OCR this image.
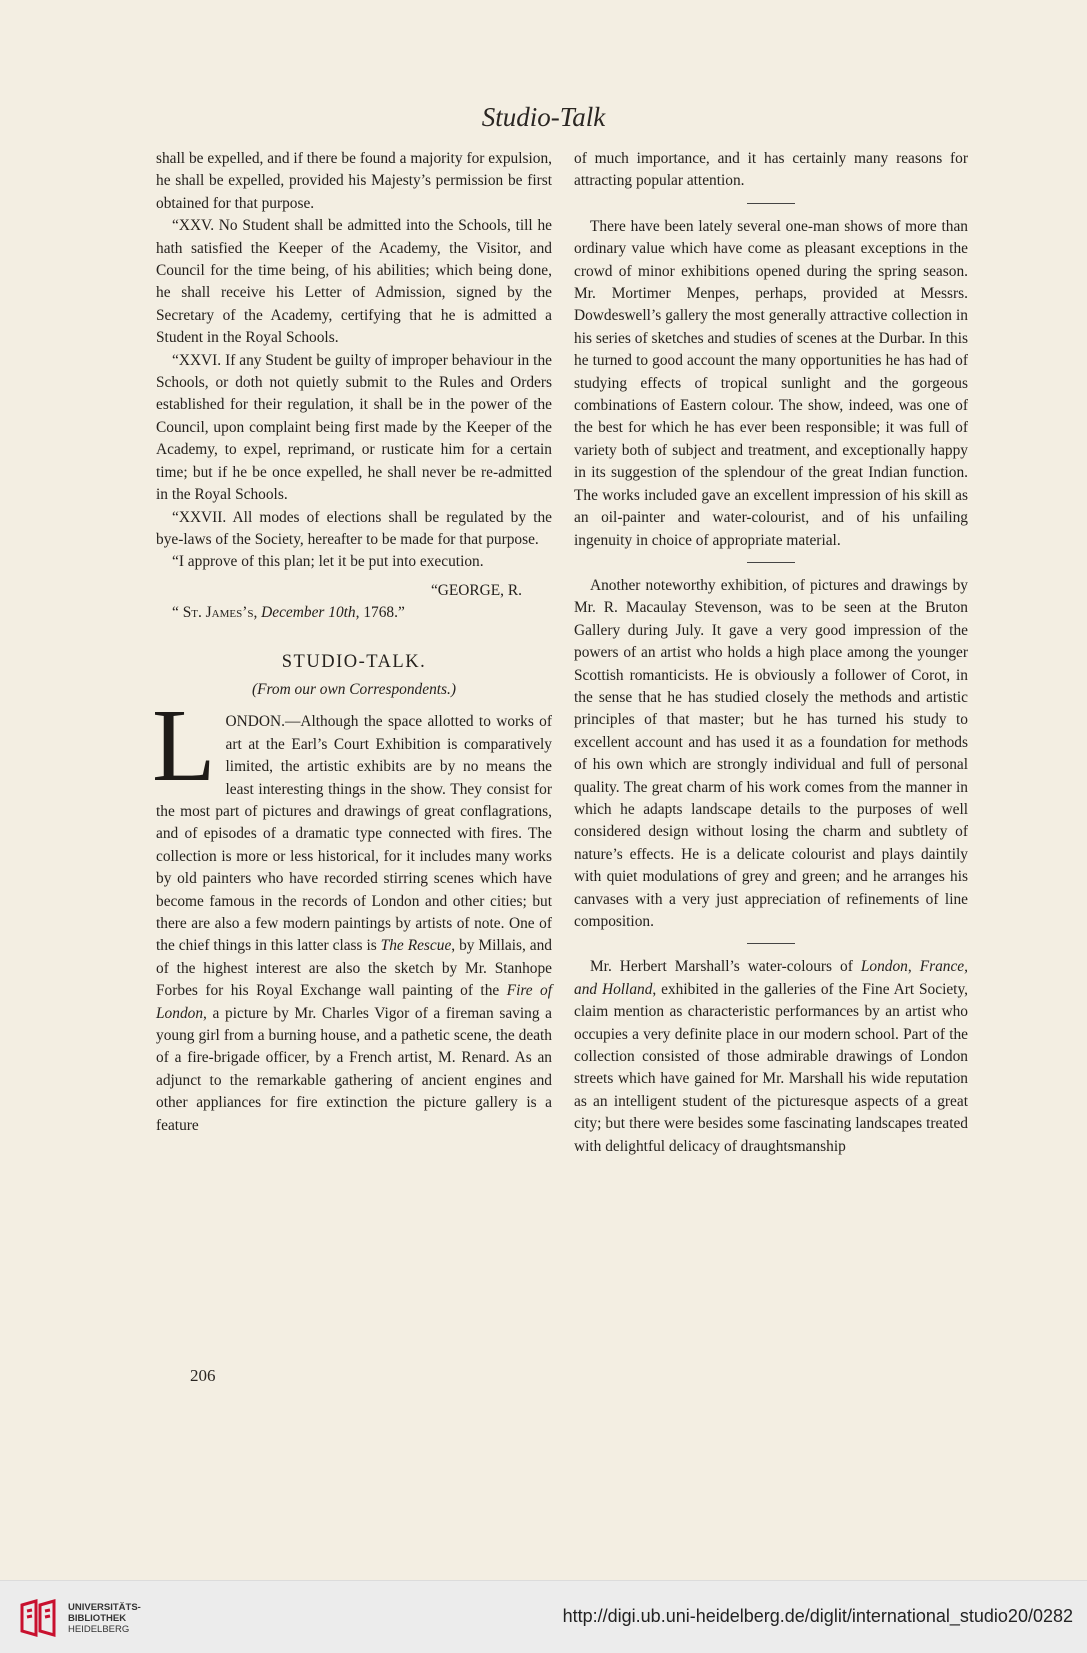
Studio-Talk

shall be expelled, and if there be found a majority for expulsion, he shall be expelled, provided his Majesty’s permission be first obtained for that purpose.

“XXV. No Student shall be admitted into the Schools, till he hath satisfied the Keeper of the Academy, the Visitor, and Council for the time being, of his abilities; which being done, he shall receive his Letter of Admission, signed by the Secretary of the Academy, certifying that he is admitted a Student in the Royal Schools.

“XXVI. If any Student be guilty of improper behaviour in the Schools, or doth not quietly submit to the Rules and Orders established for their regulation, it shall be in the power of the Council, upon complaint being first made by the Keeper of the Academy, to expel, reprimand, or rusticate him for a certain time; but if he be once expelled, he shall never be re-admitted in the Royal Schools.

“XXVII. All modes of elections shall be regulated by the bye-laws of the Society, hereafter to be made for that purpose.

“I approve of this plan; let it be put into execution.

“GEORGE, R.

“ St. James’s, December 10th, 1768.”

STUDIO-TALK.

(From our own Correspondents.)

LONDON.—Although the space allotted to works of art at the Earl’s Court Exhibition is comparatively limited, the artistic exhibits are by no means the least interesting things in the show. They consist for the most part of pictures and drawings of great conflagrations, and of episodes of a dramatic type connected with fires. The collection is more or less historical, for it includes many works by old painters who have recorded stirring scenes which have become famous in the records of London and other cities; but there are also a few modern paintings by artists of note. One of the chief things in this latter class is The Rescue, by Millais, and of the highest interest are also the sketch by Mr. Stanhope Forbes for his Royal Exchange wall painting of the Fire of London, a picture by Mr. Charles Vigor of a fireman saving a young girl from a burning house, and a pathetic scene, the death of a fire-brigade officer, by a French artist, M. Renard. As an adjunct to the remarkable gathering of ancient engines and other appliances for fire extinction the picture gallery is a feature

of much importance, and it has certainly many reasons for attracting popular attention.

There have been lately several one-man shows of more than ordinary value which have come as pleasant exceptions in the crowd of minor exhibitions opened during the spring season. Mr. Mortimer Menpes, perhaps, provided at Messrs. Dowdeswell’s gallery the most generally attractive collection in his series of sketches and studies of scenes at the Durbar. In this he turned to good account the many opportunities he has had of studying effects of tropical sunlight and the gorgeous combinations of Eastern colour. The show, indeed, was one of the best for which he has ever been responsible; it was full of variety both of subject and treatment, and exceptionally happy in its suggestion of the splendour of the great Indian function. The works included gave an excellent impression of his skill as an oil-painter and water-colourist, and of his unfailing ingenuity in choice of appropriate material.

Another noteworthy exhibition, of pictures and drawings by Mr. R. Macaulay Stevenson, was to be seen at the Bruton Gallery during July. It gave a very good impression of the powers of an artist who holds a high place among the younger Scottish romanticists. He is obviously a follower of Corot, in the sense that he has studied closely the methods and artistic principles of that master; but he has turned his study to excellent account and has used it as a foundation for methods of his own which are strongly individual and full of personal quality. The great charm of his work comes from the manner in which he adapts landscape details to the purposes of well considered design without losing the charm and subtlety of nature’s effects. He is a delicate colourist and plays daintily with quiet modulations of grey and green; and he arranges his canvases with a very just appreciation of refinements of line composition.

Mr. Herbert Marshall’s water-colours of London, France, and Holland, exhibited in the galleries of the Fine Art Society, claim mention as characteristic performances by an artist who occupies a very definite place in our modern school. Part of the collection consisted of those admirable drawings of London streets which have gained for Mr. Marshall his wide reputation as an intelligent student of the picturesque aspects of a great city; but there were besides some fascinating landscapes treated with delightful delicacy of draughtsmanship

206
UNIVERSITÄTS-
BIBLIOTHEK
HEIDELBERG
http://digi.ub.uni-heidelberg.de/diglit/international_studio20/0282
